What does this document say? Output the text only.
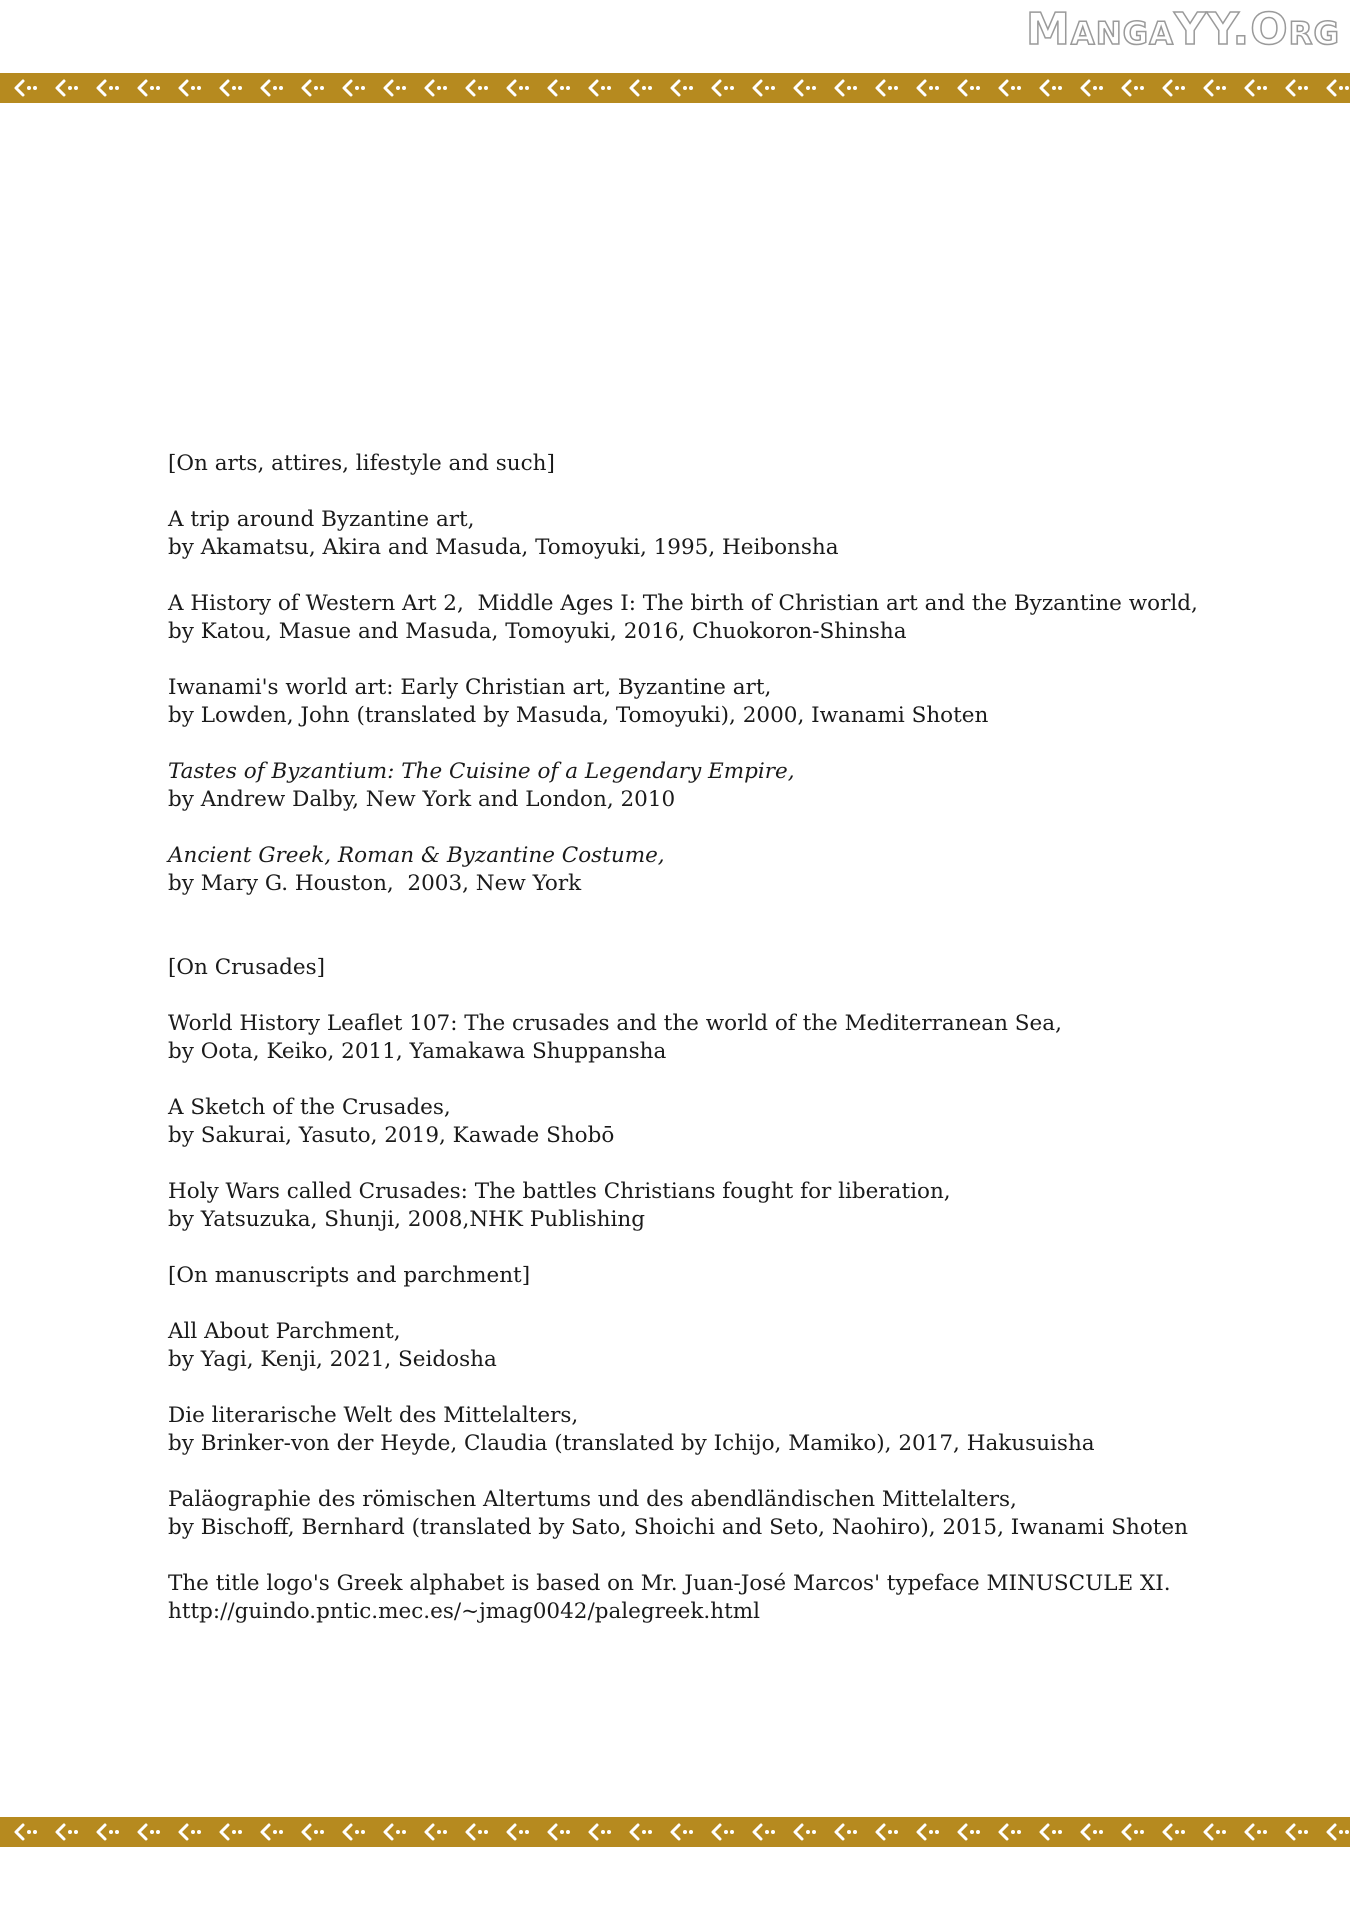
MangaYY.Org
[On arts, attires, lifestyle and such]
A trip around Byzantine art,
by Akamatsu, Akira and Masuda, Tomoyuki, 1995, Heibonsha
A History of Western Art 2,  Middle Ages I: The birth of Christian art and the Byzantine world,
by Katou, Masue and Masuda, Tomoyuki, 2016, Chuokoron-Shinsha
Iwanami's world art: Early Christian art, Byzantine art,
by Lowden, John (translated by Masuda, Tomoyuki), 2000, Iwanami Shoten
Tastes of Byzantium: The Cuisine of a Legendary Empire,
by Andrew Dalby, New York and London, 2010
Ancient Greek, Roman & Byzantine Costume,
by Mary G. Houston,  2003, New York
[On Crusades]
World History Leaflet 107: The crusades and the world of the Mediterranean Sea,
by Oota, Keiko, 2011, Yamakawa Shuppansha
A Sketch of the Crusades,
by Sakurai, Yasuto, 2019, Kawade Shobō
Holy Wars called Crusades: The battles Christians fought for liberation,
by Yatsuzuka, Shunji, 2008,NHK Publishing
[On manuscripts and parchment]
All About Parchment,
by Yagi, Kenji, 2021, Seidosha
Die literarische Welt des Mittelalters,
by Brinker-von der Heyde, Claudia (translated by Ichijo, Mamiko), 2017, Hakusuisha
Paläographie des römischen Altertums und des abendländischen Mittelalters,
by Bischoff, Bernhard (translated by Sato, Shoichi and Seto, Naohiro), 2015, Iwanami Shoten
The title logo's Greek alphabet is based on Mr. Juan-José Marcos' typeface MINUSCULE XI.
http://guindo.pntic.mec.es/~jmag0042/palegreek.html
